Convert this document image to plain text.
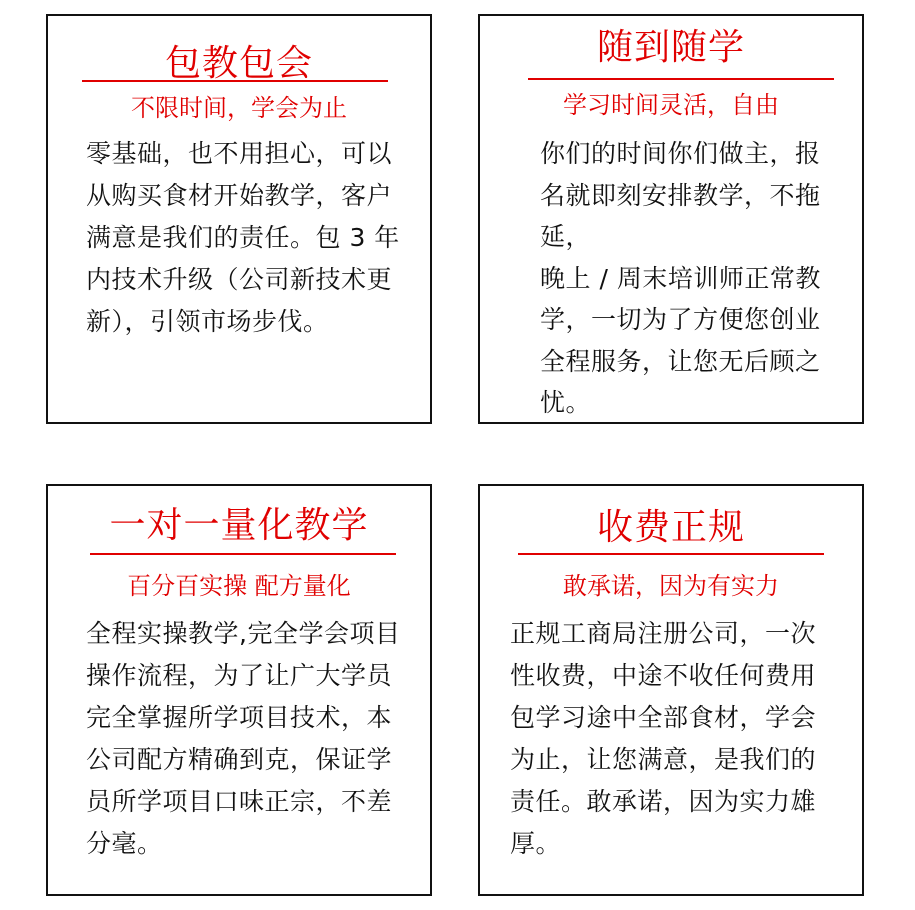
包教包会
不限时间，学会为止
零基础，也不用担心，可以
从购买食材开始教学，客户
满意是我们的责任。包 3 年
内技术升级（公司新技术更
新），引领市场步伐。
随到随学
学习时间灵活，自由
你们的时间你们做主，报
名就即刻安排教学，不拖延，
晚上 / 周末培训师正常教
学，一切为了方便您创业
全程服务，让您无后顾之
忧。
一对一量化教学
百分百实操 配方量化
全程实操教学,完全学会项目
操作流程，为了让广大学员
完全掌握所学项目技术，本
公司配方精确到克，保证学
员所学项目口味正宗，不差
分毫。
收费正规
敢承诺，因为有实力
正规工商局注册公司，一次
性收费，中途不收任何费用
包学习途中全部食材，学会
为止，让您满意，是我们的
责任。敢承诺，因为实力雄
厚。
